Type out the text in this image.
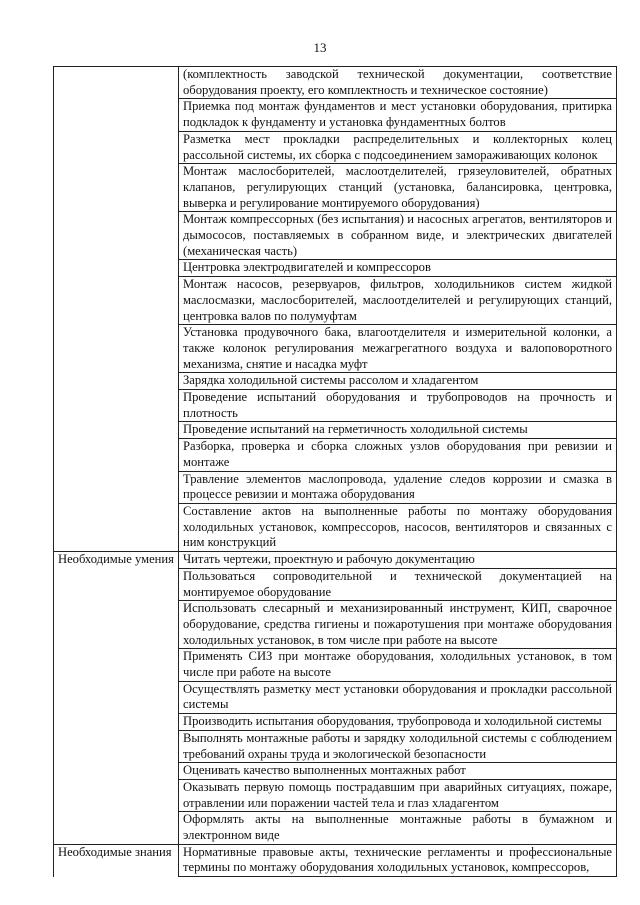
13
	(комплектность заводской технической документации, соответствие оборудования проекту, его комплектность и техническое состояние)
	Приемка под монтаж фундаментов и мест установки оборудования, притирка подкладок к фундаменту и установка фундаментных болтов
	Разметка мест прокладки распределительных и коллекторных колец рассольной системы, их сборка с подсоединением замораживающих колонок
	Монтаж маслосборителей, маслоотделителей, грязеуловителей, обратных клапанов, регулирующих станций (установка, балансировка, центровка, выверка и регулирование монтируемого оборудования)
	Монтаж компрессорных (без испытания) и насосных агрегатов, вентиляторов и дымососов, поставляемых в собранном виде, и электрических двигателей (механическая часть)
	Центровка электродвигателей и компрессоров
	Монтаж насосов, резервуаров, фильтров, холодильников систем жидкой маслосмазки, маслосборителей, маслоотделителей и регулирующих станций, центровка валов по полумуфтам
	Установка продувочного бака, влагоотделителя и измерительной колонки, а также колонок регулирования межагрегатного воздуха и валоповоротного механизма, снятие и насадка муфт
	Зарядка холодильной системы рассолом и хладагентом
	Проведение испытаний оборудования и трубопроводов на прочность и плотность
	Проведение испытаний на герметичность холодильной системы
	Разборка, проверка и сборка сложных узлов оборудования при ревизии и монтаже
	Травление элементов маслопровода, удаление следов коррозии и смазка в процессе ревизии и монтажа оборудования
	Составление актов на выполненные работы по монтажу оборудования холодильных установок, компрессоров, насосов, вентиляторов и связанных с ним конструкций
Необходимые умения	Читать чертежи, проектную и рабочую документацию
	Пользоваться сопроводительной и технической документацией на монтируемое оборудование
	Использовать слесарный и механизированный инструмент, КИП, сварочное оборудование, средства гигиены и пожаротушения при монтаже оборудования холодильных установок, в том числе при работе на высоте
	Применять СИЗ при монтаже оборудования, холодильных установок, в том числе при работе на высоте
	Осуществлять разметку мест установки оборудования и прокладки рассольной системы
	Производить испытания оборудования, трубопровода и холодильной системы
	Выполнять монтажные работы и зарядку холодильной системы с соблюдением требований охраны труда и экологической безопасности
	Оценивать качество выполненных монтажных работ
	Оказывать первую помощь пострадавшим при аварийных ситуациях, пожаре, отравлении или поражении частей тела и глаз хладагентом
	Оформлять акты на выполненные монтажные работы в бумажном и электронном виде
Необходимые знания	Нормативные правовые акты, технические регламенты и профессиональные термины по монтажу оборудования холодильных установок, компрессоров,
